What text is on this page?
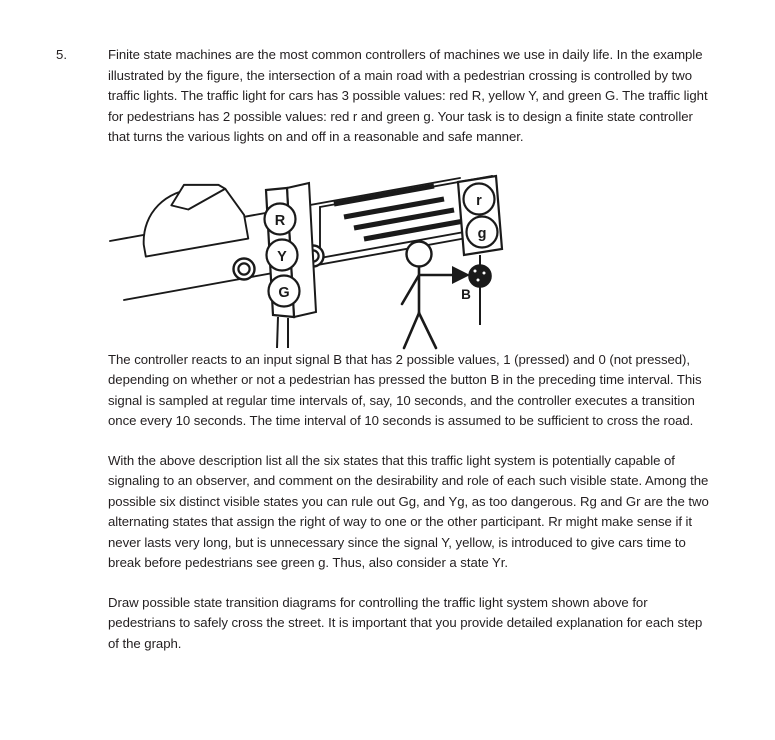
5.	Finite state machines are the most common controllers of machines we use in daily life. In the example illustrated by the figure, the intersection of a main road with a pedestrian crossing is controlled by two traffic lights. The traffic light for cars has 3 possible values: red R, yellow Y, and green G. The traffic light for pedestrians has 2 possible values: red r and green g. Your task is to design a finite state controller that turns the various lights on and off in a reasonable and safe manner.

R
Y
G
r
g
B

The controller reacts to an input signal B that has 2 possible values, 1 (pressed) and 0 (not pressed), depending on whether or not a pedestrian has pressed the button B in the preceding time interval. This signal is sampled at regular time intervals of, say, 10 seconds, and the controller executes a transition once every 10 seconds. The time interval of 10 seconds is assumed to be sufficient to cross the road.

With the above description list all the six states that this traffic light system is potentially capable of signaling to an observer, and comment on the desirability and role of each such visible state. Among the possible six distinct visible states you can rule out Gg, and Yg, as too dangerous. Rg and Gr are the two alternating states that assign the right of way to one or the other participant. Rr might make sense if it never lasts very long, but is unnecessary since the signal Y, yellow, is introduced to give cars time to break before pedestrians see green g. Thus, also consider a state Yr.

Draw possible state transition diagrams for controlling the traffic light system shown above for pedestrians to safely cross the street. It is important that you provide detailed explanation for each step of the graph.
